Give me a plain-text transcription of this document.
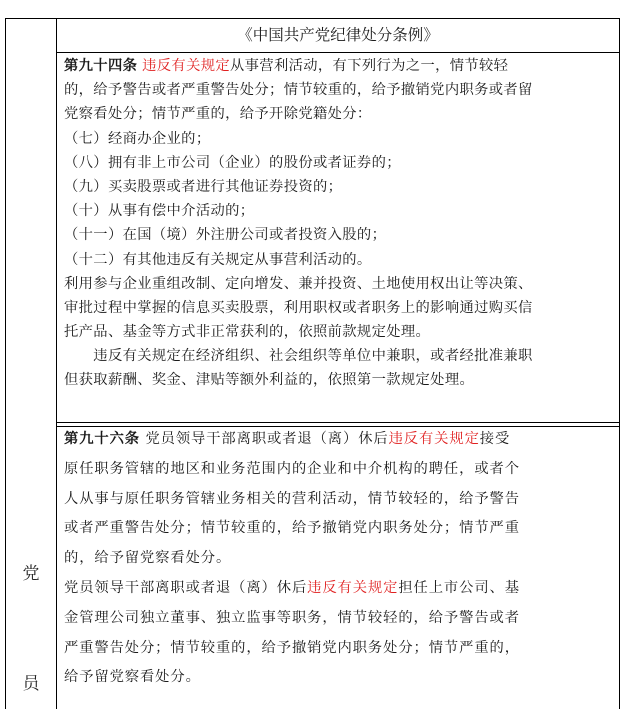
党
员
《中国共产党纪律处分条例》
第九十四条 违反有关规定从事营利活动，有下列行为之一，情节较轻
的，给予警告或者严重警告处分；情节较重的，给予撤销党内职务或者留
党察看处分；情节严重的，给予开除党籍处分：
（七）经商办企业的；
（八）拥有非上市公司（企业）的股份或者证券的；
（九）买卖股票或者进行其他证券投资的；
（十）从事有偿中介活动的；
（十一）在国（境）外注册公司或者投资入股的；
（十二）有其他违反有关规定从事营利活动的。
利用参与企业重组改制、定向增发、兼并投资、土地使用权出让等决策、
审批过程中掌握的信息买卖股票，利用职权或者职务上的影响通过购买信
托产品、基金等方式非正常获利的，依照前款规定处理。
　　违反有关规定在经济组织、社会组织等单位中兼职，或者经批准兼职
但获取薪酬、奖金、津贴等额外利益的，依照第一款规定处理。
第九十六条 党员领导干部离职或者退（离）休后违反有关规定接受
原任职务管辖的地区和业务范围内的企业和中介机构的聘任，或者个
人从事与原任职务管辖业务相关的营利活动，情节较轻的，给予警告
或者严重警告处分；情节较重的，给予撤销党内职务处分；情节严重
的，给予留党察看处分。
党员领导干部离职或者退（离）休后违反有关规定担任上市公司、基
金管理公司独立董事、独立监事等职务，情节较轻的，给予警告或者
严重警告处分；情节较重的，给予撤销党内职务处分；情节严重的，
给予留党察看处分。
